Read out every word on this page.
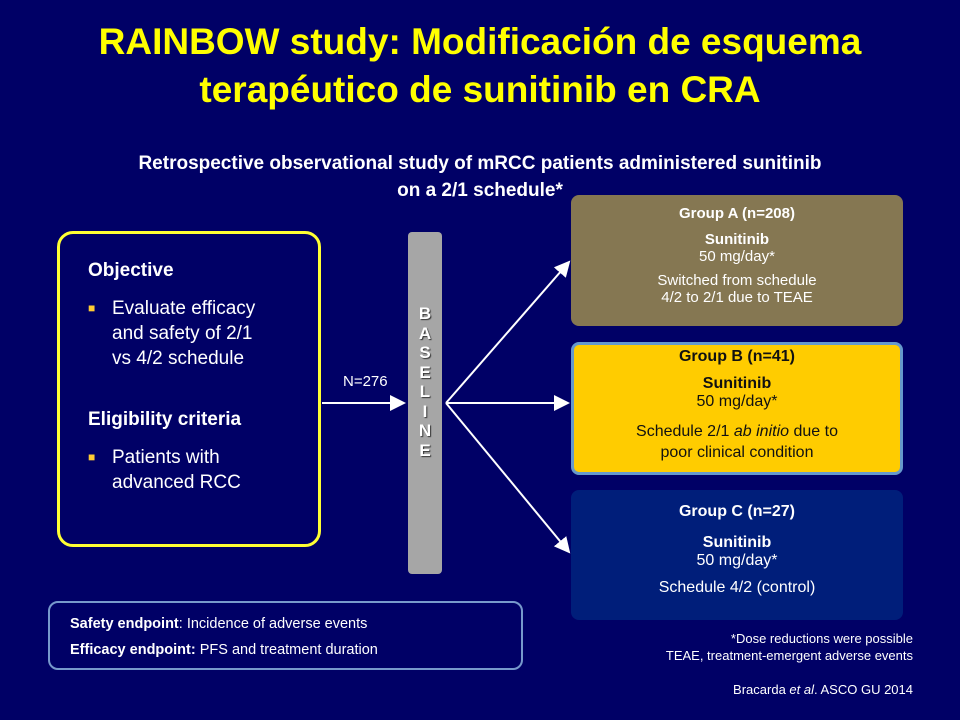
RAINBOW study: Modificación de esquema
terapéutico de sunitinib en CRA
Retrospective observational study of mRCC patients administered sunitinib
on a 2/1 schedule*
Objective
■ Evaluate efficacy
and safety of 2/1
vs 4/2 schedule
Eligibility criteria
■ Patients with
advanced RCC
N=276
B
A
S
E
L
I
N
E
Group A (n=208)
Sunitinib
50 mg/day*
Switched from schedule
4/2 to 2/1 due to TEAE
Group B (n=41)
Sunitinib
50 mg/day*
Schedule 2/1 ab initio due to
poor clinical condition
Group C (n=27)
Sunitinib
50 mg/day*
Schedule 4/2 (control)
Safety endpoint: Incidence of adverse events
Efficacy endpoint: PFS and treatment duration
*Dose reductions were possible
TEAE, treatment-emergent adverse events
Bracarda et al. ASCO GU 2014
